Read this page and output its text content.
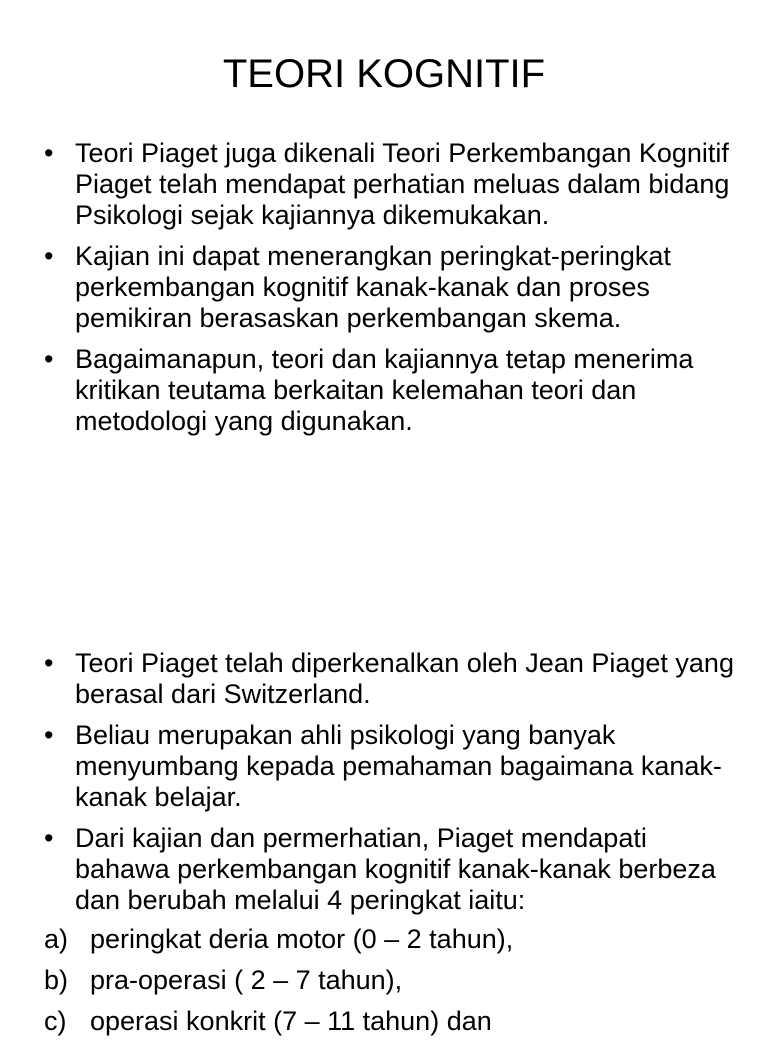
TEORI KOGNITIF
• Teori Piaget juga dikenali Teori Perkembangan Kognitif Piaget telah mendapat perhatian meluas dalam bidang Psikologi sejak kajiannya dikemukakan.
• Kajian ini dapat menerangkan peringkat-peringkat perkembangan kognitif kanak-kanak dan proses pemikiran berasaskan perkembangan skema.
• Bagaimanapun, teori dan kajiannya tetap menerima kritikan teutama berkaitan kelemahan teori dan metodologi yang digunakan.
• Teori Piaget telah diperkenalkan oleh Jean Piaget yang berasal dari Switzerland.
• Beliau merupakan ahli psikologi yang banyak menyumbang kepada pemahaman bagaimana kanak-kanak belajar.
• Dari kajian dan permerhatian, Piaget mendapati bahawa perkembangan kognitif kanak-kanak berbeza dan berubah melalui 4 peringkat iaitu:
a) peringkat deria motor (0 – 2 tahun),
b) pra-operasi ( 2 – 7 tahun),
c) operasi konkrit (7 – 11 tahun) dan
